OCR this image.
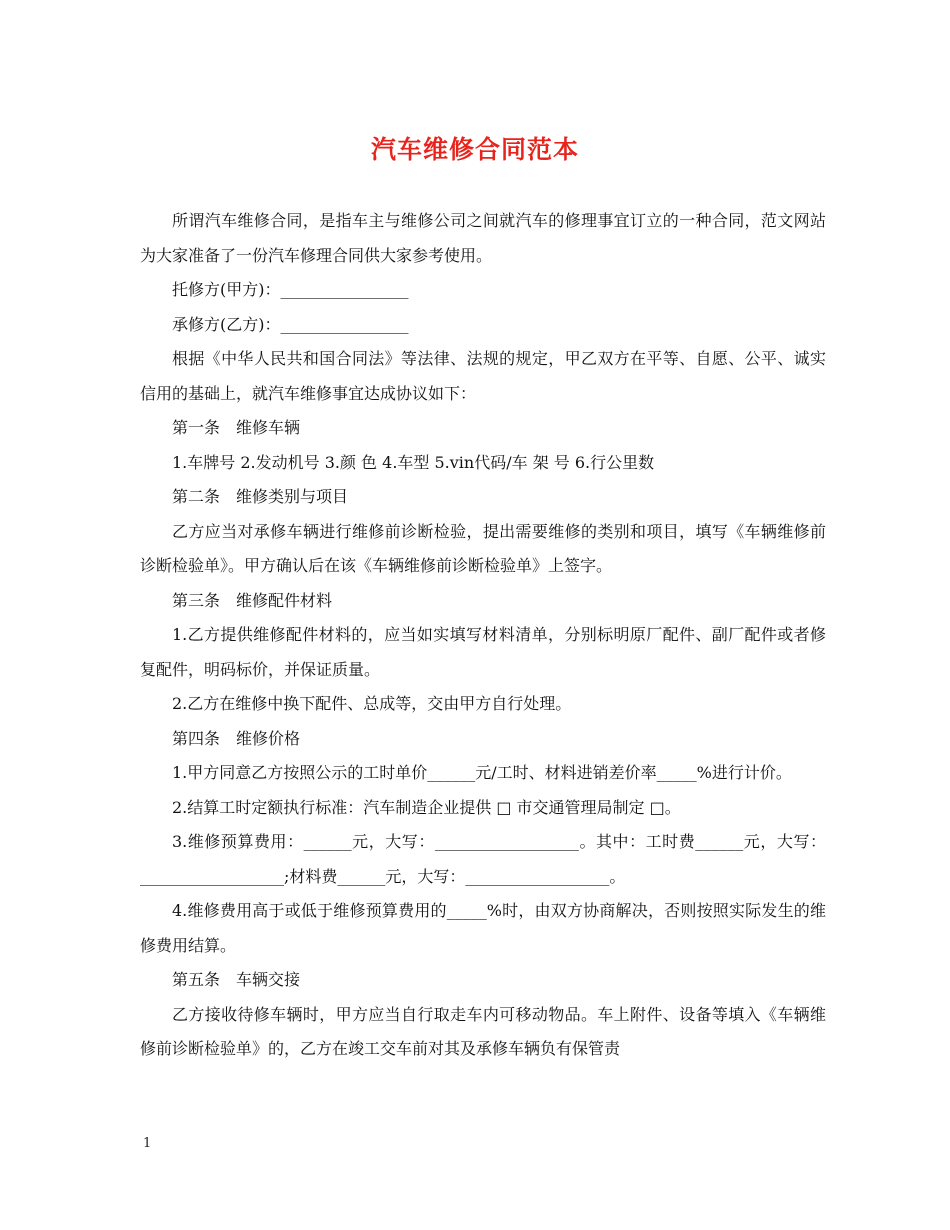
汽车维修合同范本

所谓汽车维修合同，是指车主与维修公司之间就汽车的修理事宜订立的一种合同，范文网站为大家准备了一份汽车修理合同供大家参考使用。

托修方(甲方)：________________

承修方(乙方)：________________

根据《中华人民共和国合同法》等法律、法规的规定，甲乙双方在平等、自愿、公平、诚实信用的基础上，就汽车维修事宜达成协议如下：

第一条　维修车辆

1.车牌号 2.发动机号 3.颜 色 4.车型 5.vin代码/车 架 号 6.行公里数

第二条　维修类别与项目

乙方应当对承修车辆进行维修前诊断检验，提出需要维修的类别和项目，填写《车辆维修前诊断检验单》。甲方确认后在该《车辆维修前诊断检验单》上签字。

第三条　维修配件材料

1.乙方提供维修配件材料的，应当如实填写材料清单，分别标明原厂配件、副厂配件或者修复配件，明码标价，并保证质量。

2.乙方在维修中换下配件、总成等，交由甲方自行处理。

第四条　维修价格

1.甲方同意乙方按照公示的工时单价______元/工时、材料进销差价率_____%进行计价。

2.结算工时定额执行标准：汽车制造企业提供 □ 市交通管理局制定 □。

3.维修预算费用：______元，大写：__________________。其中：工时费______元，大写：__________________;材料费______元，大写：__________________。

4.维修费用高于或低于维修预算费用的_____%时，由双方协商解决，否则按照实际发生的维修费用结算。

第五条　车辆交接

乙方接收待修车辆时，甲方应当自行取走车内可移动物品。车上附件、设备等填入《车辆维修前诊断检验单》的，乙方在竣工交车前对其及承修车辆负有保管责

1
